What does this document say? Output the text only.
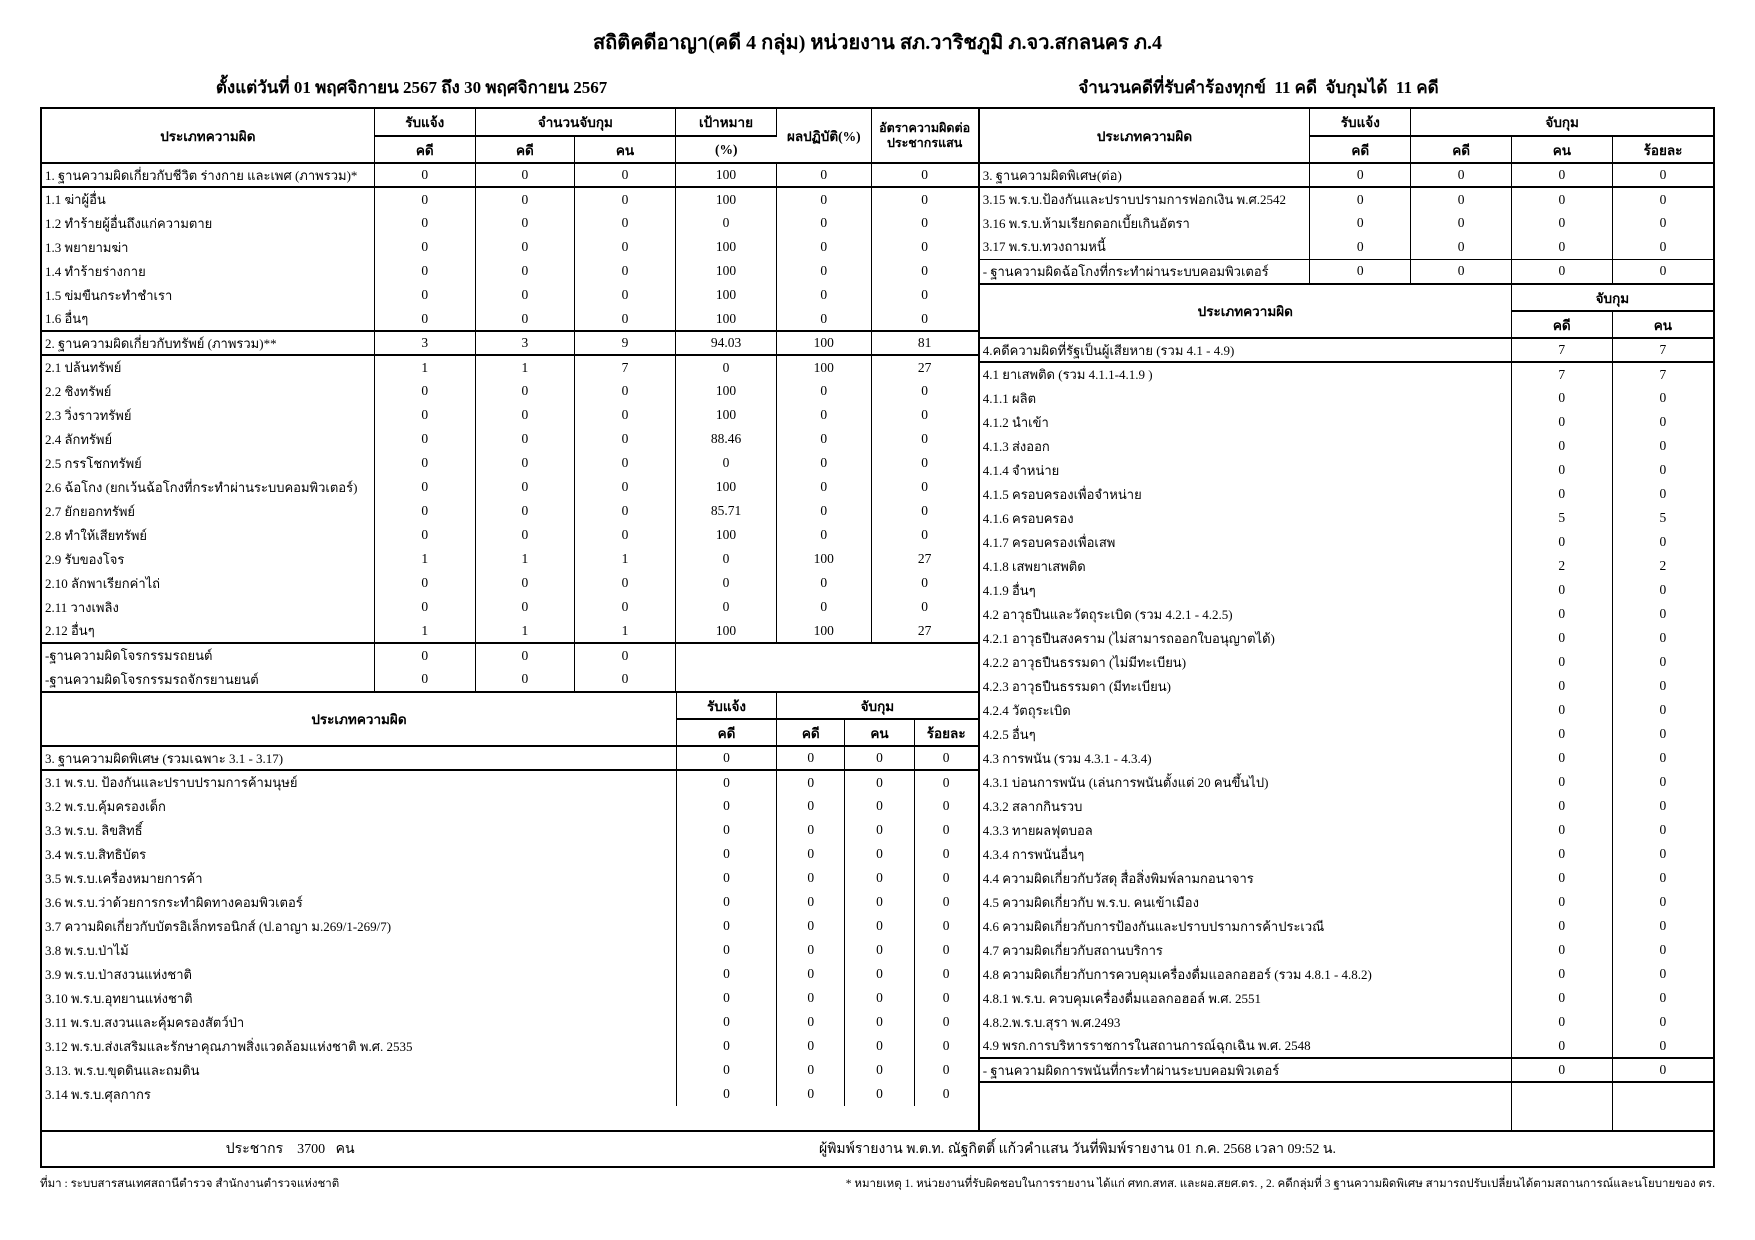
สถิติคดีอาญา(คดี 4 กลุ่ม) หน่วยงาน สภ.วาริชภูมิ ภ.จว.สกลนคร ภ.4
ตั้งแต่วันที่ 01 พฤศจิกายน 2567 ถึง 30 พฤศจิกายน 2567	จำนวนคดีที่รับคำร้องทุกข์  11 คดี  จับกุมได้  11 คดี
ประเภทความผิด	รับแจ้ง	จำนวนจับกุม		เป้าหมาย	ผลปฏิบัติ(%)	อัตราความผิดต่อ
ประชากรแสน

	คดี	คดี	คน	(%)		
1. ฐานความผิดเกี่ยวกับชีวิต ร่างกาย และเพศ (ภาพรวม)*	0	0	0	100	0	0
1.1 ฆ่าผู้อื่น	0	0	0	100	0	0
1.2 ทำร้ายผู้อื่นถึงแก่ความตาย	0	0	0	0	0	0
1.3 พยายามฆ่า	0	0	0	100	0	0
1.4 ทำร้ายร่างกาย	0	0	0	100	0	0
1.5 ข่มขืนกระทำชำเรา	0	0	0	100	0	0
1.6 อื่นๆ	0	0	0	100	0	0
2. ฐานความผิดเกี่ยวกับทรัพย์ (ภาพรวม)**	3	3	9	94.03	100	81
2.1 ปล้นทรัพย์	1	1	7	0	100	27
2.2 ชิงทรัพย์	0	0	0	100	0	0
2.3 วิ่งราวทรัพย์	0	0	0	100	0	0
2.4 ลักทรัพย์	0	0	0	88.46	0	0
2.5 กรรโชกทรัพย์	0	0	0	0	0	0
2.6 ฉ้อโกง (ยกเว้นฉ้อโกงที่กระทำผ่านระบบคอมพิวเตอร์)	0	0	0	100	0	0
2.7 ยักยอกทรัพย์	0	0	0	85.71	0	0
2.8 ทำให้เสียทรัพย์	0	0	0	100	0	0
2.9 รับของโจร	1	1	1	0	100	27
2.10 ลักพาเรียกค่าไถ่	0	0	0	0	0	0
2.11 วางเพลิง	0	0	0	0	0	0
2.12 อื่นๆ	1	1	1	100	100	27
-ฐานความผิดโจรกรรมรถยนต์	0	0	0			
-ฐานความผิดโจรกรรมรถจักรยานยนต์	0	0	0			
ประเภทความผิด	รับแจ้ง	จับกุม		
	คดี	คดี	คน	ร้อยละ
3. ฐานความผิดพิเศษ (รวมเฉพาะ 3.1 - 3.17)	0	0	0	0
3.1 พ.ร.บ. ป้องกันและปราบปรามการค้ามนุษย์	0	0	0	0
3.2 พ.ร.บ.คุ้มครองเด็ก	0	0	0	0
3.3 พ.ร.บ. ลิขสิทธิ์	0	0	0	0
3.4 พ.ร.บ.สิทธิบัตร	0	0	0	0
3.5 พ.ร.บ.เครื่องหมายการค้า	0	0	0	0
3.6 พ.ร.บ.ว่าด้วยการกระทำผิดทางคอมพิวเตอร์	0	0	0	0
3.7 ความผิดเกี่ยวกับบัตรอิเล็กทรอนิกส์ (ป.อาญา ม.269/1-269/7)	0	0	0	0
3.8 พ.ร.บ.ป่าไม้	0	0	0	0
3.9 พ.ร.บ.ป่าสงวนแห่งชาติ	0	0	0	0
3.10 พ.ร.บ.อุทยานแห่งชาติ	0	0	0	0
3.11 พ.ร.บ.สงวนและคุ้มครองสัตว์ป่า	0	0	0	0
3.12 พ.ร.บ.ส่งเสริมและรักษาคุณภาพสิ่งแวดล้อมแห่งชาติ พ.ศ. 2535	0	0	0	0
3.13. พ.ร.บ.ขุดดินและถมดิน	0	0	0	0
3.14 พ.ร.บ.ศุลกากร	0	0	0	0
ประเภทความผิด	รับแจ้ง	จับกุม		
	คดี	คดี	คน	ร้อยละ
3. ฐานความผิดพิเศษ(ต่อ)	0	0	0	0
3.15 พ.ร.บ.ป้องกันและปราบปรามการฟอกเงิน พ.ศ.2542	0	0	0	0
3.16 พ.ร.บ.ห้ามเรียกดอกเบี้ยเกินอัตรา	0	0	0	0
3.17 พ.ร.บ.ทวงถามหนี้	0	0	0	0
- ฐานความผิดฉ้อโกงที่กระทำผ่านระบบคอมพิวเตอร์	0	0	0	0
ประเภทความผิด	จับกุม	
	คดี	คน
4.คดีความผิดที่รัฐเป็นผู้เสียหาย (รวม 4.1 - 4.9)	7	7
4.1 ยาเสพติด (รวม 4.1.1-4.1.9 )	7	7
4.1.1 ผลิต	0	0
4.1.2 นำเข้า	0	0
4.1.3 ส่งออก	0	0
4.1.4 จำหน่าย	0	0
4.1.5 ครอบครองเพื่อจำหน่าย	0	0
4.1.6 ครอบครอง	5	5
4.1.7 ครอบครองเพื่อเสพ	0	0
4.1.8 เสพยาเสพติด	2	2
4.1.9 อื่นๆ	0	0
4.2 อาวุธปืนและวัตถุระเบิด (รวม 4.2.1 - 4.2.5)	0	0
4.2.1 อาวุธปืนสงคราม (ไม่สามารถออกใบอนุญาตได้)	0	0
4.2.2 อาวุธปืนธรรมดา (ไม่มีทะเบียน)	0	0
4.2.3 อาวุธปืนธรรมดา (มีทะเบียน)	0	0
4.2.4 วัตถุระเบิด	0	0
4.2.5 อื่นๆ	0	0
4.3 การพนัน (รวม 4.3.1 - 4.3.4)	0	0
4.3.1 บ่อนการพนัน (เล่นการพนันตั้งแต่ 20 คนขึ้นไป)	0	0
4.3.2 สลากกินรวบ	0	0
4.3.3 ทายผลฟุตบอล	0	0
4.3.4 การพนันอื่นๆ	0	0
4.4 ความผิดเกี่ยวกับวัสดุ สื่อสิ่งพิมพ์ลามกอนาจาร	0	0
4.5 ความผิดเกี่ยวกับ พ.ร.บ. คนเข้าเมือง	0	0
4.6 ความผิดเกี่ยวกับการป้องกันและปราบปรามการค้าประเวณี	0	0
4.7 ความผิดเกี่ยวกับสถานบริการ	0	0
4.8 ความผิดเกี่ยวกับการควบคุมเครื่องดื่มแอลกอฮอร์ (รวม 4.8.1 - 4.8.2)	0	0
4.8.1 พ.ร.บ. ควบคุมเครื่องดื่มแอลกอฮอล์ พ.ศ. 2551	0	0
4.8.2.พ.ร.บ.สุรา พ.ศ.2493	0	0
4.9 พรก.การบริหารราชการในสถานการณ์ฉุกเฉิน พ.ศ. 2548	0	0
- ฐานความผิดการพนันที่กระทำผ่านระบบคอมพิวเตอร์	0	0

ประชากร    3700   คน	ผู้พิมพ์รายงาน พ.ต.ท. ณัฐกิตติ์ แก้วคำแสน วันที่พิมพ์รายงาน 01 ก.ค. 2568 เวลา 09:52 น.
ที่มา : ระบบสารสนเทศสถานีตำรวจ สำนักงานตำรวจแห่งชาติ	* หมายเหตุ 1. หน่วยงานที่รับผิดชอบในการรายงาน ได้แก่ ศทก.สทส. และผอ.สยศ.ตร. , 2. คดีกลุ่มที่ 3 ฐานความผิดพิเศษ สามารถปรับเปลี่ยนได้ตามสถานการณ์และนโยบายของ ตร.
